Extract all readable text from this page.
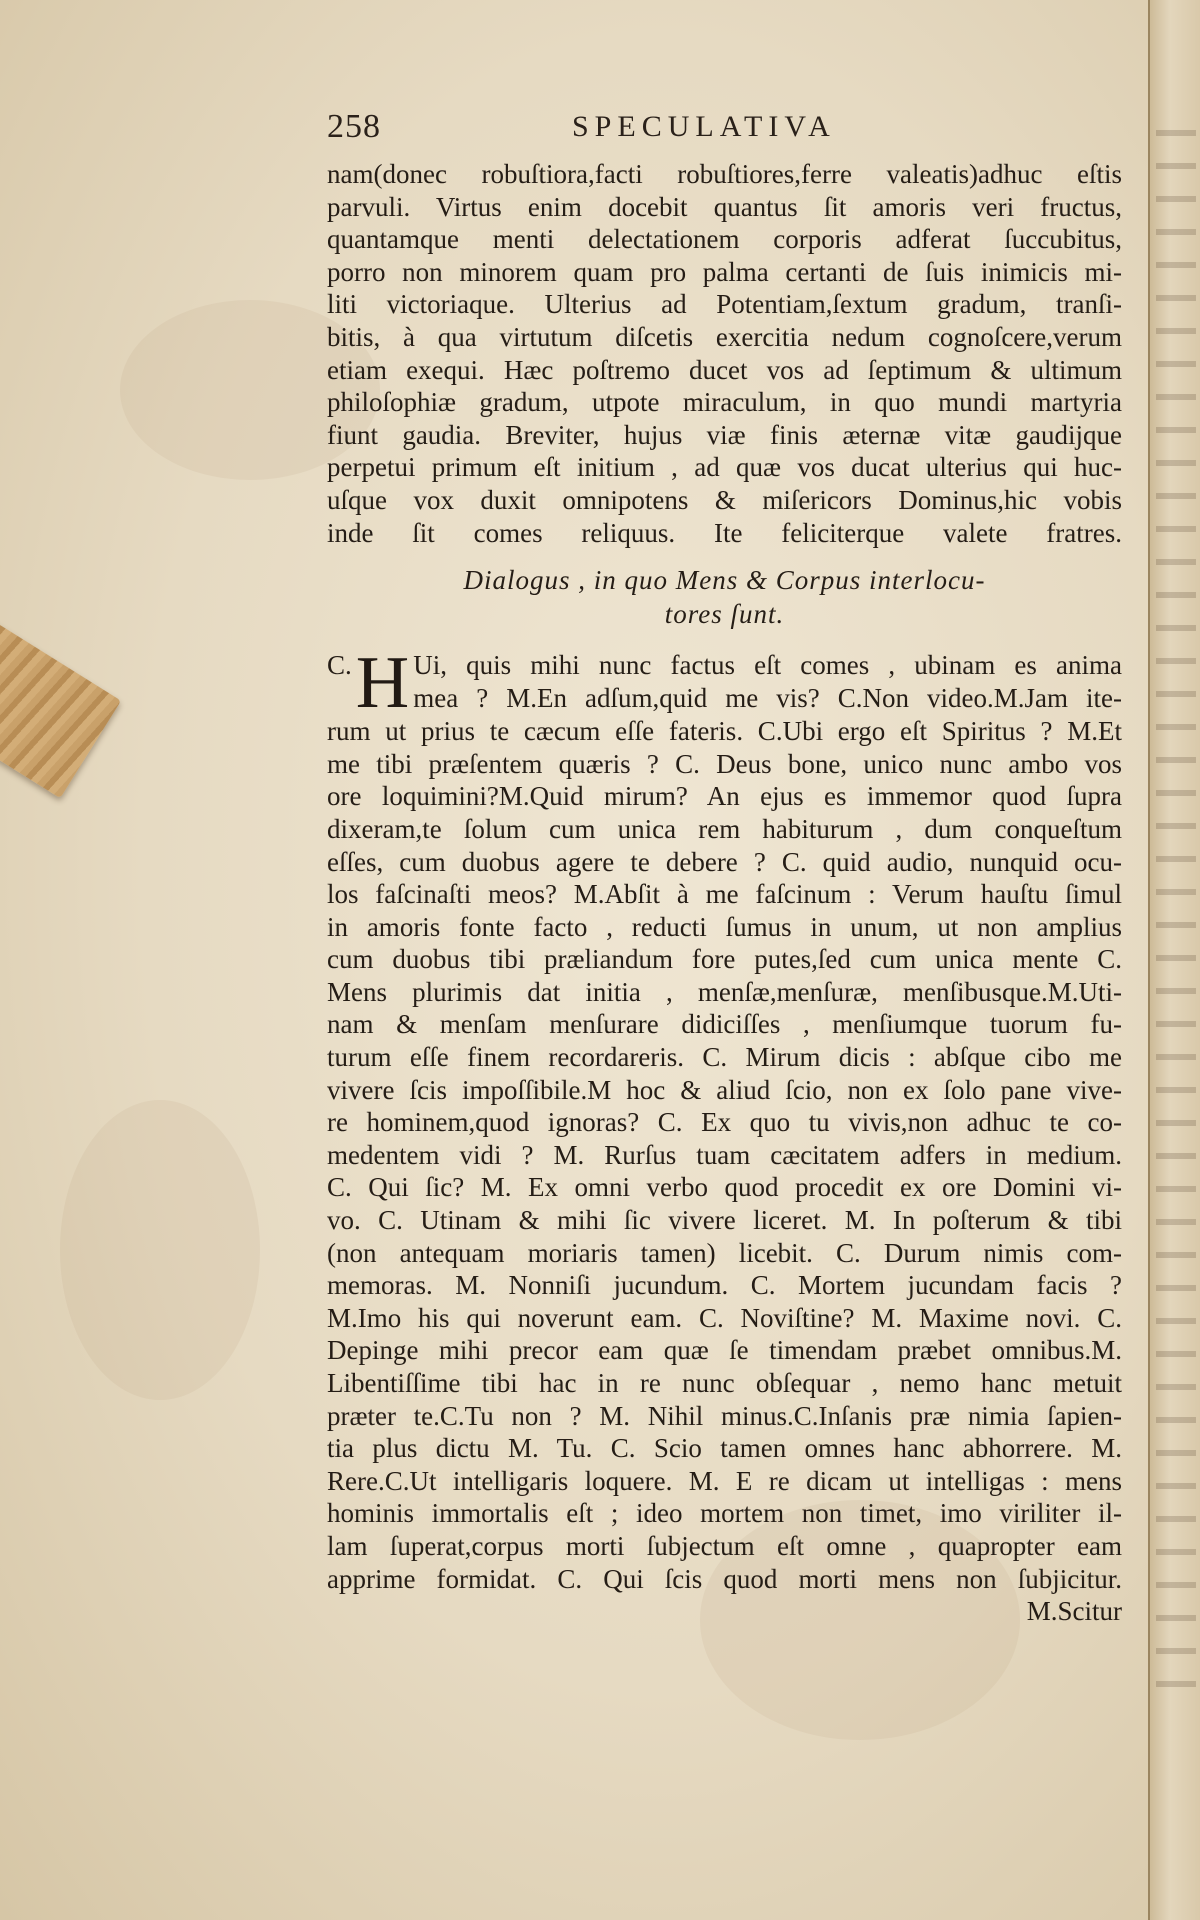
258	SPECULATIVA
nam(donec robuſtiora,facti robuſtiores,ferre valeatis)adhuc eſtis
parvuli. Virtus enim docebit quantus ſit amoris veri fructus,
quantamque menti delectationem corporis adferat ſuccubitus,
porro non minorem quam pro palma certanti de ſuis inimicis mi-
liti victoriaque. Ulterius ad Potentiam,ſextum gradum, tranſi-
bitis, à qua virtutum diſcetis exercitia nedum cognoſcere,verum
etiam exequi. Hæc poſtremo ducet vos ad ſeptimum & ultimum
philoſophiæ gradum, utpote miraculum, in quo mundi martyria
fiunt gaudia. Breviter, hujus viæ finis æternæ vitæ gaudijque
perpetui primum eſt initium , ad quæ vos ducat ulterius qui huc-
uſque vox duxit omnipotens & miſericors Dominus,hic vobis
inde ſit comes reliquus. Ite feliciterque valete fratres.
Dialogus , in quo Mens & Corpus interlocu-
tores ſunt.
C. H Ui, quis mihi nunc factus eſt comes , ubinam es anima
mea ? M.En adſum,quid me vis? C.Non video.M.Jam ite-
rum ut prius te cæcum eſſe fateris. C.Ubi ergo eſt Spiritus ? M.Et
me tibi præſentem quæris ? C. Deus bone, unico nunc ambo vos
ore loquimini?M.Quid mirum? An ejus es immemor quod ſupra
dixeram,te ſolum cum unica rem habiturum , dum conqueſtum
eſſes, cum duobus agere te debere ? C. quid audio, nunquid ocu-
los faſcinaſti meos? M.Abſit à me faſcinum : Verum hauſtu ſimul
in amoris fonte facto , reducti ſumus in unum, ut non amplius
cum duobus tibi præliandum fore putes,ſed cum unica mente C.
Mens plurimis dat initia , menſæ,menſuræ, menſibusque.M.Uti-
nam & menſam menſurare didiciſſes , menſiumque tuorum fu-
turum eſſe finem recordareris. C. Mirum dicis : abſque cibo me
vivere ſcis impoſſibile.M hoc & aliud ſcio, non ex ſolo pane vive-
re hominem,quod ignoras? C. Ex quo tu vivis,non adhuc te co-
medentem vidi ? M. Rurſus tuam cæcitatem adfers in medium.
C. Qui ſic? M. Ex omni verbo quod procedit ex ore Domini vi-
vo. C. Utinam & mihi ſic vivere liceret. M. In poſterum & tibi
(non antequam moriaris tamen) licebit. C. Durum nimis com-
memoras. M. Nonniſi jucundum. C. Mortem jucundam facis ?
M.Imo his qui noverunt eam. C. Noviſtine? M. Maxime novi. C.
Depinge mihi precor eam quæ ſe timendam præbet omnibus.M.
Libentiſſime tibi hac in re nunc obſequar , nemo hanc metuit
præter te.C.Tu non ? M. Nihil minus.C.Inſanis præ nimia ſapien-
tia plus dictu M. Tu. C. Scio tamen omnes hanc abhorrere. M.
Rere.C.Ut intelligaris loquere. M. E re dicam ut intelligas : mens
hominis immortalis eſt ; ideo mortem non timet, imo viriliter il-
lam ſuperat,corpus morti ſubjectum eſt omne , quapropter eam
apprime formidat. C. Qui ſcis quod morti mens non ſubjicitur.
M.Scitur
